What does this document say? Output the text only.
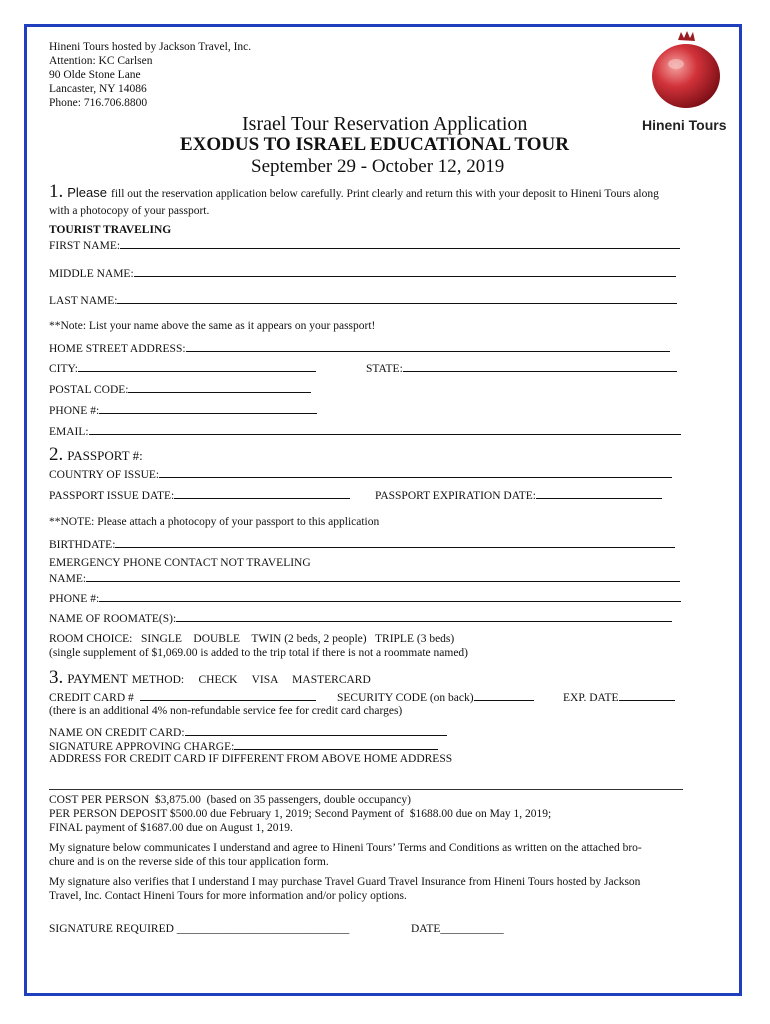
Hineni Tours hosted by Jackson Travel, Inc.
Attention: KC Carlsen
90 Olde Stone Lane
Lancaster, NY 14086
Phone: 716.706.8800
Hineni Tours
Israel Tour Reservation Application
EXODUS TO ISRAEL EDUCATIONAL TOUR
September 29 - October 12, 2019
1. Please fill out the reservation application below carefully. Print clearly and return this with your deposit to Hineni Tours along
with a photocopy of your passport.
TOURIST TRAVELING
FIRST NAME:
MIDDLE NAME:
LAST NAME:
**Note: List your name above the same as it appears on your passport!
HOME STREET ADDRESS:
CITY:	STATE:
POSTAL CODE:
PHONE #:
EMAIL:
2. PASSPORT #:
COUNTRY OF ISSUE:
PASSPORT ISSUE DATE:	PASSPORT EXPIRATION DATE:
**NOTE: Please attach a photocopy of your passport to this application
BIRTHDATE:
EMERGENCY PHONE CONTACT NOT TRAVELING
NAME:
PHONE #:
NAME OF ROOMATE(S):
ROOM CHOICE:   SINGLE    DOUBLE    TWIN (2 beds, 2 people)   TRIPLE (3 beds)
(single supplement of $1,069.00 is added to the trip total if there is not a roommate named)
3. PAYMENT METHOD:     CHECK     VISA     MASTERCARD
CREDIT CARD #	SECURITY CODE (on back)	EXP. DATE
(there is an additional 4% non-refundable service fee for credit card charges)
NAME ON CREDIT CARD:
SIGNATURE APPROVING CHARGE:
ADDRESS FOR CREDIT CARD IF DIFFERENT FROM ABOVE HOME ADDRESS
COST PER PERSON  $3,875.00  (based on 35 passengers, double occupancy)
PER PERSON DEPOSIT $500.00 due February 1, 2019; Second Payment of  $1688.00 due on May 1, 2019;
FINAL payment of $1687.00 due on August 1, 2019.
My signature below communicates I understand and agree to Hineni Tours’ Terms and Conditions as written on the attached bro-
chure and is on the reverse side of this tour application form.
My signature also verifies that I understand I may purchase Travel Guard Travel Insurance from Hineni Tours hosted by Jackson
Travel, Inc. Contact Hineni Tours for more information and/or policy options.
SIGNATURE REQUIRED ______________________________	DATE___________
